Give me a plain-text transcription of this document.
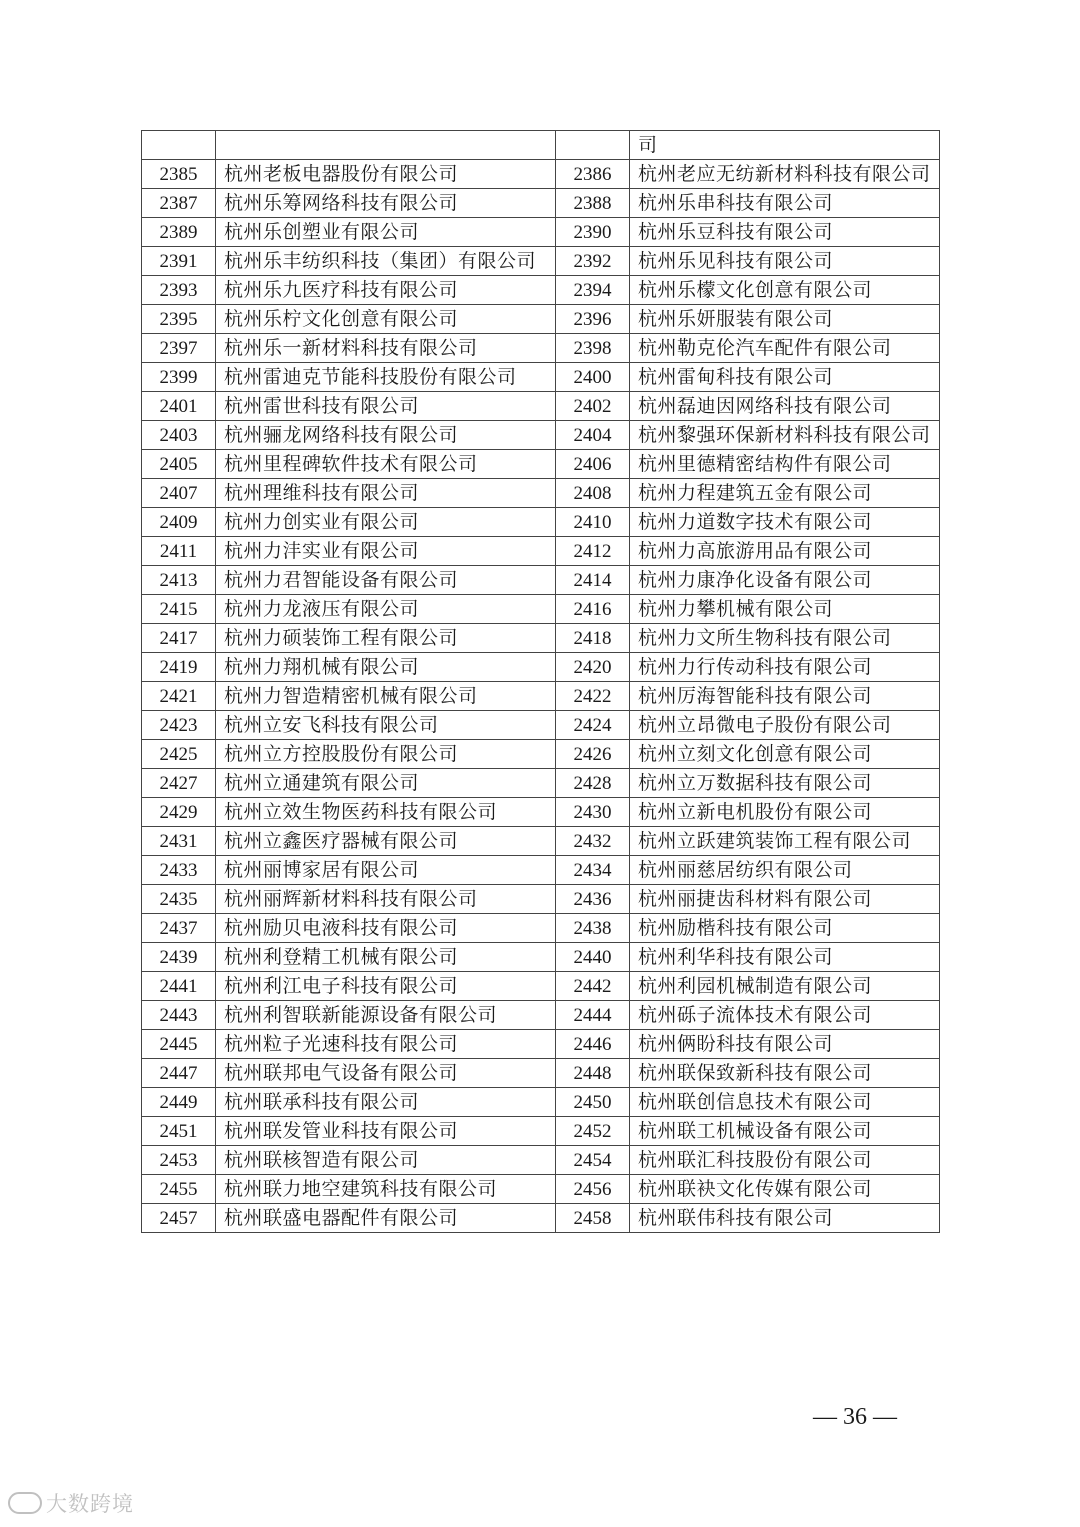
			司
2385	杭州老板电器股份有限公司	2386	杭州老应无纺新材料科技有限公司
2387	杭州乐筹网络科技有限公司	2388	杭州乐串科技有限公司
2389	杭州乐创塑业有限公司	2390	杭州乐豆科技有限公司
2391	杭州乐丰纺织科技（集团）有限公司	2392	杭州乐见科技有限公司
2393	杭州乐九医疗科技有限公司	2394	杭州乐檬文化创意有限公司
2395	杭州乐柠文化创意有限公司	2396	杭州乐妍服装有限公司
2397	杭州乐一新材料科技有限公司	2398	杭州勒克伦汽车配件有限公司
2399	杭州雷迪克节能科技股份有限公司	2400	杭州雷甸科技有限公司
2401	杭州雷世科技有限公司	2402	杭州磊迪因网络科技有限公司
2403	杭州骊龙网络科技有限公司	2404	杭州黎强环保新材料科技有限公司
2405	杭州里程碑软件技术有限公司	2406	杭州里德精密结构件有限公司
2407	杭州理维科技有限公司	2408	杭州力程建筑五金有限公司
2409	杭州力创实业有限公司	2410	杭州力道数字技术有限公司
2411	杭州力沣实业有限公司	2412	杭州力高旅游用品有限公司
2413	杭州力君智能设备有限公司	2414	杭州力康净化设备有限公司
2415	杭州力龙液压有限公司	2416	杭州力攀机械有限公司
2417	杭州力硕装饰工程有限公司	2418	杭州力文所生物科技有限公司
2419	杭州力翔机械有限公司	2420	杭州力行传动科技有限公司
2421	杭州力智造精密机械有限公司	2422	杭州厉海智能科技有限公司
2423	杭州立安飞科技有限公司	2424	杭州立昂微电子股份有限公司
2425	杭州立方控股股份有限公司	2426	杭州立刻文化创意有限公司
2427	杭州立通建筑有限公司	2428	杭州立万数据科技有限公司
2429	杭州立效生物医药科技有限公司	2430	杭州立新电机股份有限公司
2431	杭州立鑫医疗器械有限公司	2432	杭州立跃建筑装饰工程有限公司
2433	杭州丽博家居有限公司	2434	杭州丽慈居纺织有限公司
2435	杭州丽辉新材料科技有限公司	2436	杭州丽捷齿科材料有限公司
2437	杭州励贝电液科技有限公司	2438	杭州励楷科技有限公司
2439	杭州利登精工机械有限公司	2440	杭州利华科技有限公司
2441	杭州利江电子科技有限公司	2442	杭州利园机械制造有限公司
2443	杭州利智联新能源设备有限公司	2444	杭州砾子流体技术有限公司
2445	杭州粒子光速科技有限公司	2446	杭州俩盼科技有限公司
2447	杭州联邦电气设备有限公司	2448	杭州联保致新科技有限公司
2449	杭州联承科技有限公司	2450	杭州联创信息技术有限公司
2451	杭州联发管业科技有限公司	2452	杭州联工机械设备有限公司
2453	杭州联核智造有限公司	2454	杭州联汇科技股份有限公司
2455	杭州联力地空建筑科技有限公司	2456	杭州联袂文化传媒有限公司
2457	杭州联盛电器配件有限公司	2458	杭州联伟科技有限公司
— 36 —
大数跨境
